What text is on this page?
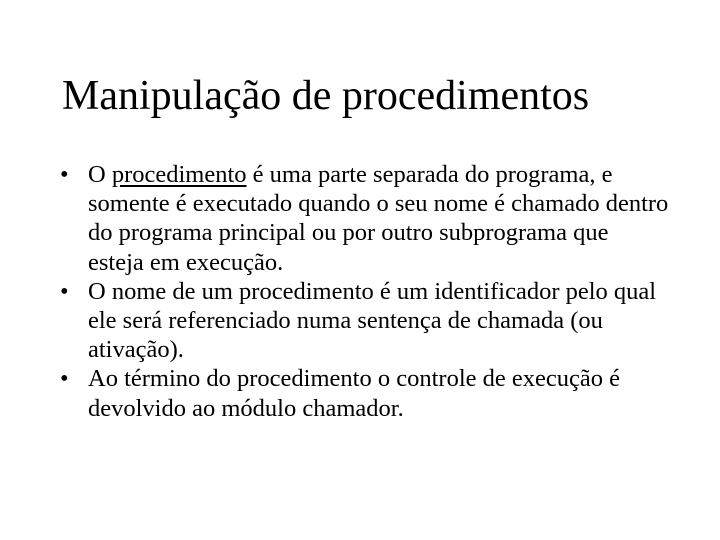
Manipulação de procedimentos
• O procedimento é uma parte separada do programa, e somente é executado quando o seu nome é chamado dentro do programa principal ou por outro subprograma que esteja em execução.
• O nome de um procedimento é um identificador pelo qual ele será referenciado numa sentença de chamada (ou ativação).
• Ao término do procedimento o controle de execução é devolvido ao módulo chamador.
